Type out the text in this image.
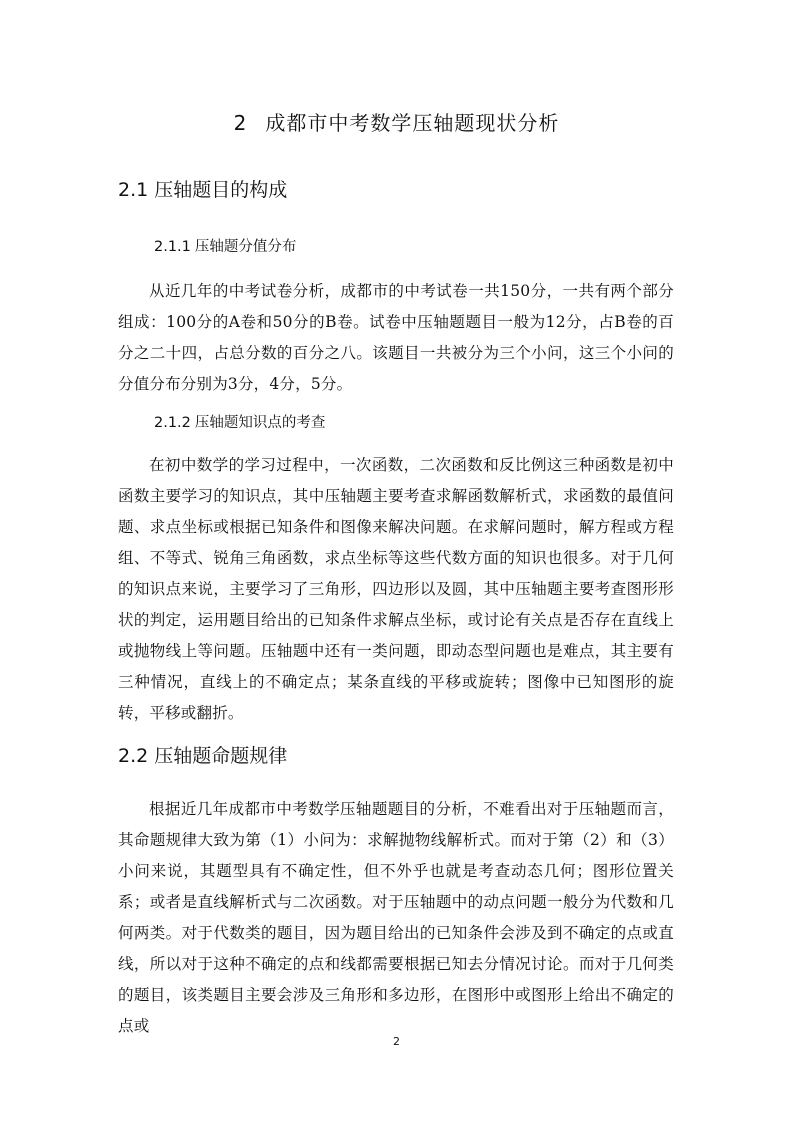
2 成都市中考数学压轴题现状分析
2.1 压轴题目的构成
2.1.1 压轴题分值分布

从近几年的中考试卷分析，成都市的中考试卷一共150分，一共有两个部分组成：100分的A卷和50分的B卷。试卷中压轴题题目一般为12分，占B卷的百分之二十四，占总分数的百分之八。该题目一共被分为三个小问，这三个小问的分值分布分别为3分，4分，5分。

2.1.2 压轴题知识点的考查

在初中数学的学习过程中，一次函数，二次函数和反比例这三种函数是初中函数主要学习的知识点，其中压轴题主要考查求解函数解析式，求函数的最值问题、求点坐标或根据已知条件和图像来解决问题。在求解问题时，解方程或方程组、不等式、锐角三角函数，求点坐标等这些代数方面的知识也很多。对于几何的知识点来说，主要学习了三角形，四边形以及圆，其中压轴题主要考查图形形状的判定，运用题目给出的已知条件求解点坐标，或讨论有关点是否存在直线上或抛物线上等问题。压轴题中还有一类问题，即动态型问题也是难点，其主要有三种情况，直线上的不确定点；某条直线的平移或旋转；图像中已知图形的旋转，平移或翻折。

2.2 压轴题命题规律

根据近几年成都市中考数学压轴题题目的分析，不难看出对于压轴题而言，其命题规律大致为第（1）小问为：求解抛物线解析式。而对于第（2）和（3）小问来说，其题型具有不确定性，但不外乎也就是考查动态几何；图形位置关系；或者是直线解析式与二次函数。对于压轴题中的动点问题一般分为代数和几何两类。对于代数类的题目，因为题目给出的已知条件会涉及到不确定的点或直线，所以对于这种不确定的点和线都需要根据已知去分情况讨论。而对于几何类的题目，该类题目主要会涉及三角形和多边形，在图形中或图形上给出不确定的点或

2
